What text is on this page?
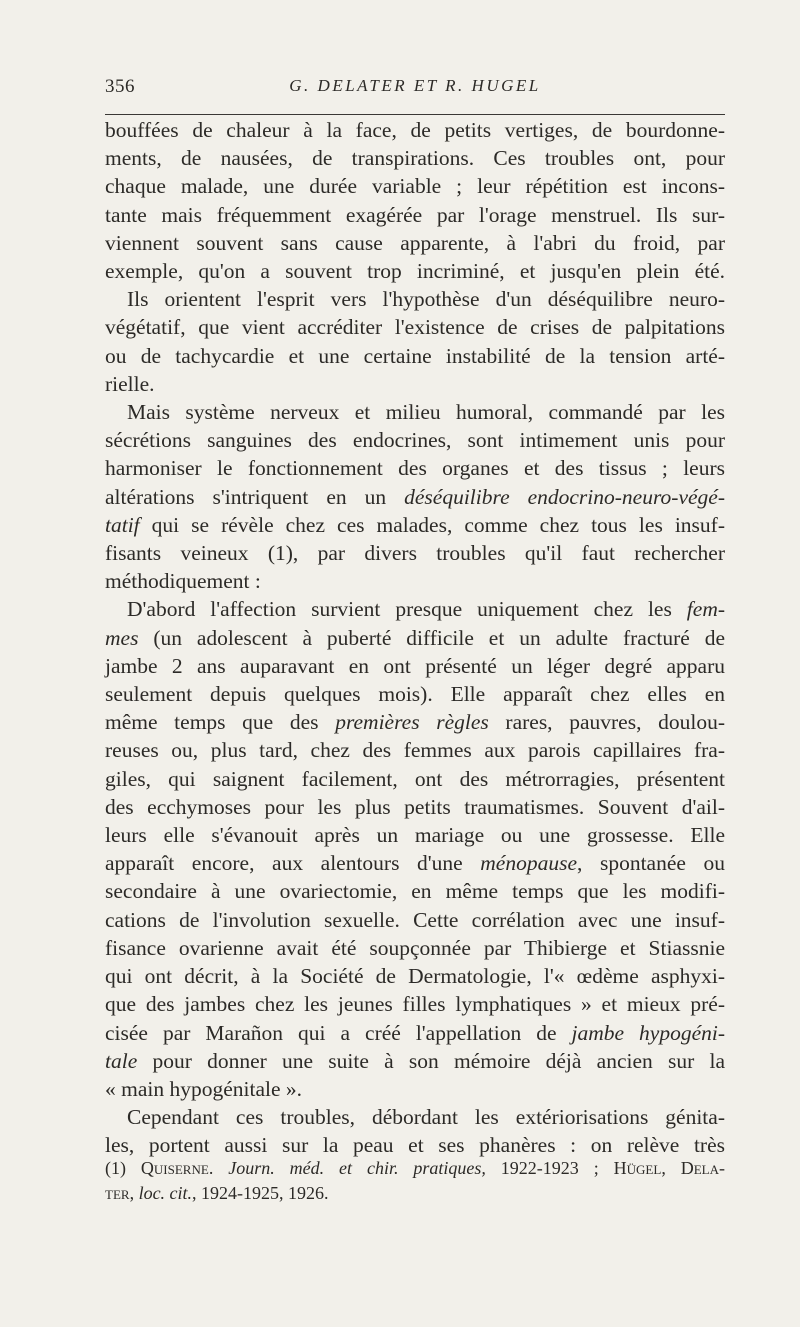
356	G. DELATER ET R. HUGEL
bouffées de chaleur à la face, de petits vertiges, de bourdonne-
ments, de nausées, de transpirations. Ces troubles ont, pour
chaque malade, une durée variable ; leur répétition est incons-
tante mais fréquemment exagérée par l'orage menstruel. Ils sur-
viennent souvent sans cause apparente, à l'abri du froid, par
exemple, qu'on a souvent trop incriminé, et jusqu'en plein été.
Ils orientent l'esprit vers l'hypothèse d'un déséquilibre neuro-
végétatif, que vient accréditer l'existence de crises de palpitations
ou de tachycardie et une certaine instabilité de la tension arté-
rielle.
Mais système nerveux et milieu humoral, commandé par les
sécrétions sanguines des endocrines, sont intimement unis pour
harmoniser le fonctionnement des organes et des tissus ; leurs
altérations s'intriquent en un déséquilibre endocrino-neuro-végé-
tatif qui se révèle chez ces malades, comme chez tous les insuf-
fisants veineux (1), par divers troubles qu'il faut rechercher
méthodiquement :
D'abord l'affection survient presque uniquement chez les fem-
mes (un adolescent à puberté difficile et un adulte fracturé de
jambe 2 ans auparavant en ont présenté un léger degré apparu
seulement depuis quelques mois). Elle apparaît chez elles en
même temps que des premières règles rares, pauvres, doulou-
reuses ou, plus tard, chez des femmes aux parois capillaires fra-
giles, qui saignent facilement, ont des métrorragies, présentent
des ecchymoses pour les plus petits traumatismes. Souvent d'ail-
leurs elle s'évanouit après un mariage ou une grossesse. Elle
apparaît encore, aux alentours d'une ménopause, spontanée ou
secondaire à une ovariectomie, en même temps que les modifi-
cations de l'involution sexuelle. Cette corrélation avec une insuf-
fisance ovarienne avait été soupçonnée par Thibierge et Stiassnie
qui ont décrit, à la Société de Dermatologie, l'« œdème asphyxi-
que des jambes chez les jeunes filles lymphatiques » et mieux pré-
cisée par Marañon qui a créé l'appellation de jambe hypogéni-
tale pour donner une suite à son mémoire déjà ancien sur la
« main hypogénitale ».
Cependant ces troubles, débordant les extériorisations génita-
les, portent aussi sur la peau et ses phanères : on relève très
(1) Quiserne. Journ. méd. et chir. pratiques, 1922-1923 ; Hügel, Dela-
ter, loc. cit., 1924-1925, 1926.
